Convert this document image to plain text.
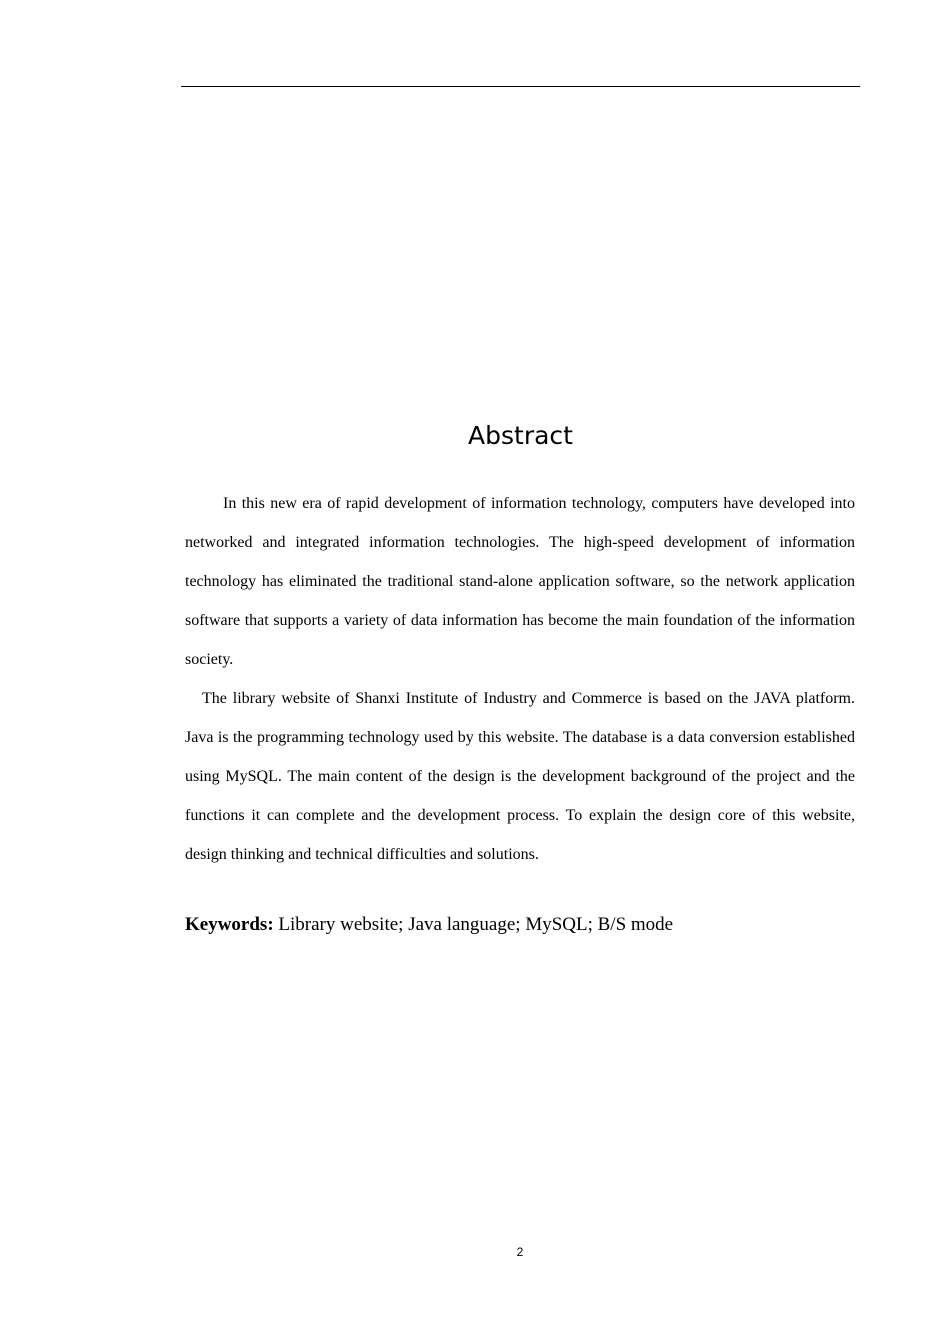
Abstract

In this new era of rapid development of information technology, computers have developed into networked and integrated information technologies. The high-speed development of information technology has eliminated the traditional stand-alone application software, so the network application software that supports a variety of data information has become the main foundation of the information society.

The library website of Shanxi Institute of Industry and Commerce is based on the JAVA platform. Java is the programming technology used by this website. The database is a data conversion established using MySQL. The main content of the design is the development background of the project and the functions it can complete and the development process. To explain the design core of this website, design thinking and technical difficulties and solutions.

Keywords: Library website; Java language; MySQL; B/S mode

2
